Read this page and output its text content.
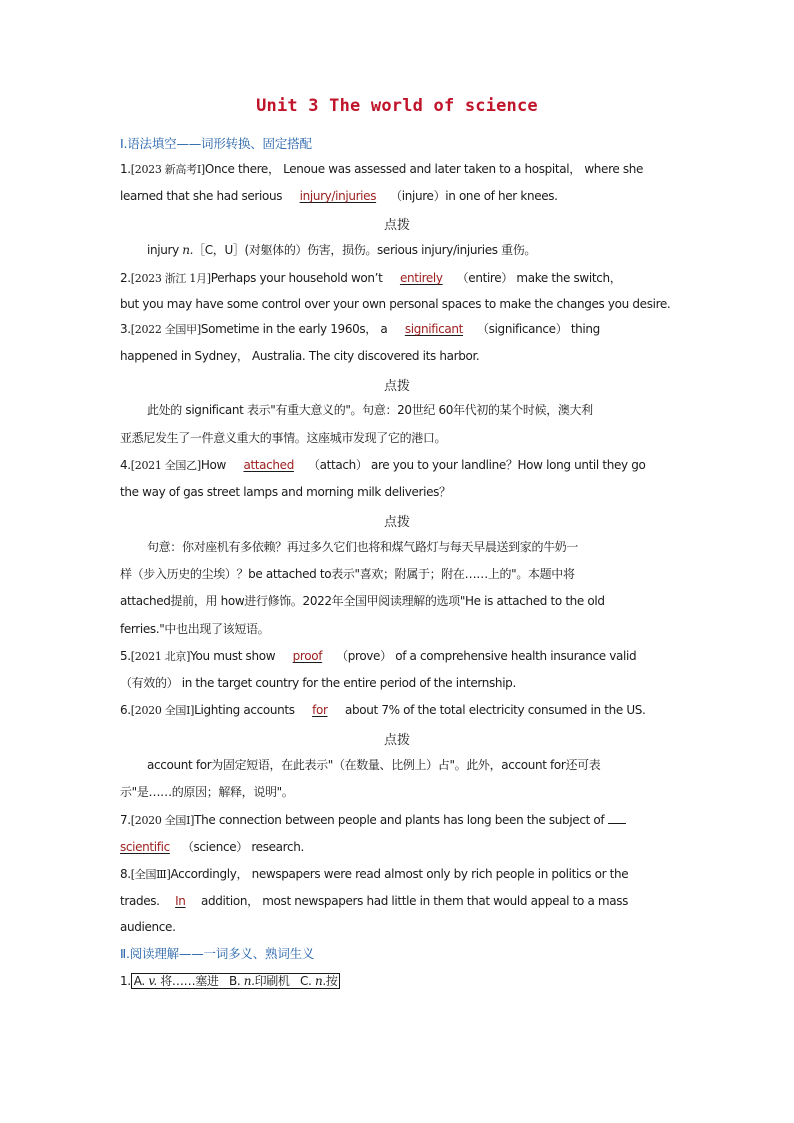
Unit 3 The world of science
Ⅰ.语法填空——词形转换、固定搭配
1.[2023 新高考Ⅰ]Once there， Lenoue was assessed and later taken to a hospital， where she
learned that she had serious injury/injuries （injure）in one of her knees.
点拨
injury n.［C，U］(对躯体的）伤害，损伤。serious injury/injuries 重伤。
2.[2023 浙江 1月]Perhaps your household won’t entirely （entire） make the switch，
but you may have some control over your own personal spaces to make the changes you desire.
3.[2022 全国甲]Sometime in the early 1960s， a significant （significance） thing
happened in Sydney， Australia. The city discovered its harbor.
点拨
此处的 significant 表示"有重大意义的"。句意：20世纪 60年代初的某个时候，澳大利
亚悉尼发生了一件意义重大的事情。这座城市发现了它的港口。
4.[2021 全国乙]How attached （attach） are you to your landline？How long until they go
the way of gas street lamps and morning milk deliveries？
点拨
句意：你对座机有多依赖？再过多久它们也将和煤气路灯与每天早晨送到家的牛奶一
样（步入历史的尘埃）？be attached to表示"喜欢；附属于；附在……上的"。本题中将
attached提前，用 how进行修饰。2022年全国甲阅读理解的选项"He is attached to the old
ferries."中也出现了该短语。
5.[2021 北京]You must show proof （prove） of a comprehensive health insurance valid
（有效的） in the target country for the entire period of the internship.
6.[2020 全国Ⅰ]Lighting accounts for about 7% of the total electricity consumed in the US.
点拨
account for为固定短语，在此表示"（在数量、比例上）占"。此外，account for还可表
示"是……的原因；解释，说明"。
7.[2020 全国Ⅰ]The connection between people and plants has long been the subject of
scientific （science） research.
8.[全国Ⅲ]Accordingly， newspapers were read almost only by rich people in politics or the
trades. In addition， most newspapers had little in them that would appeal to a mass
audience.
Ⅱ.阅读理解——一词多义、熟词生义
1. A. v. 将……塞进 B. n.印刷机 C. n.按
